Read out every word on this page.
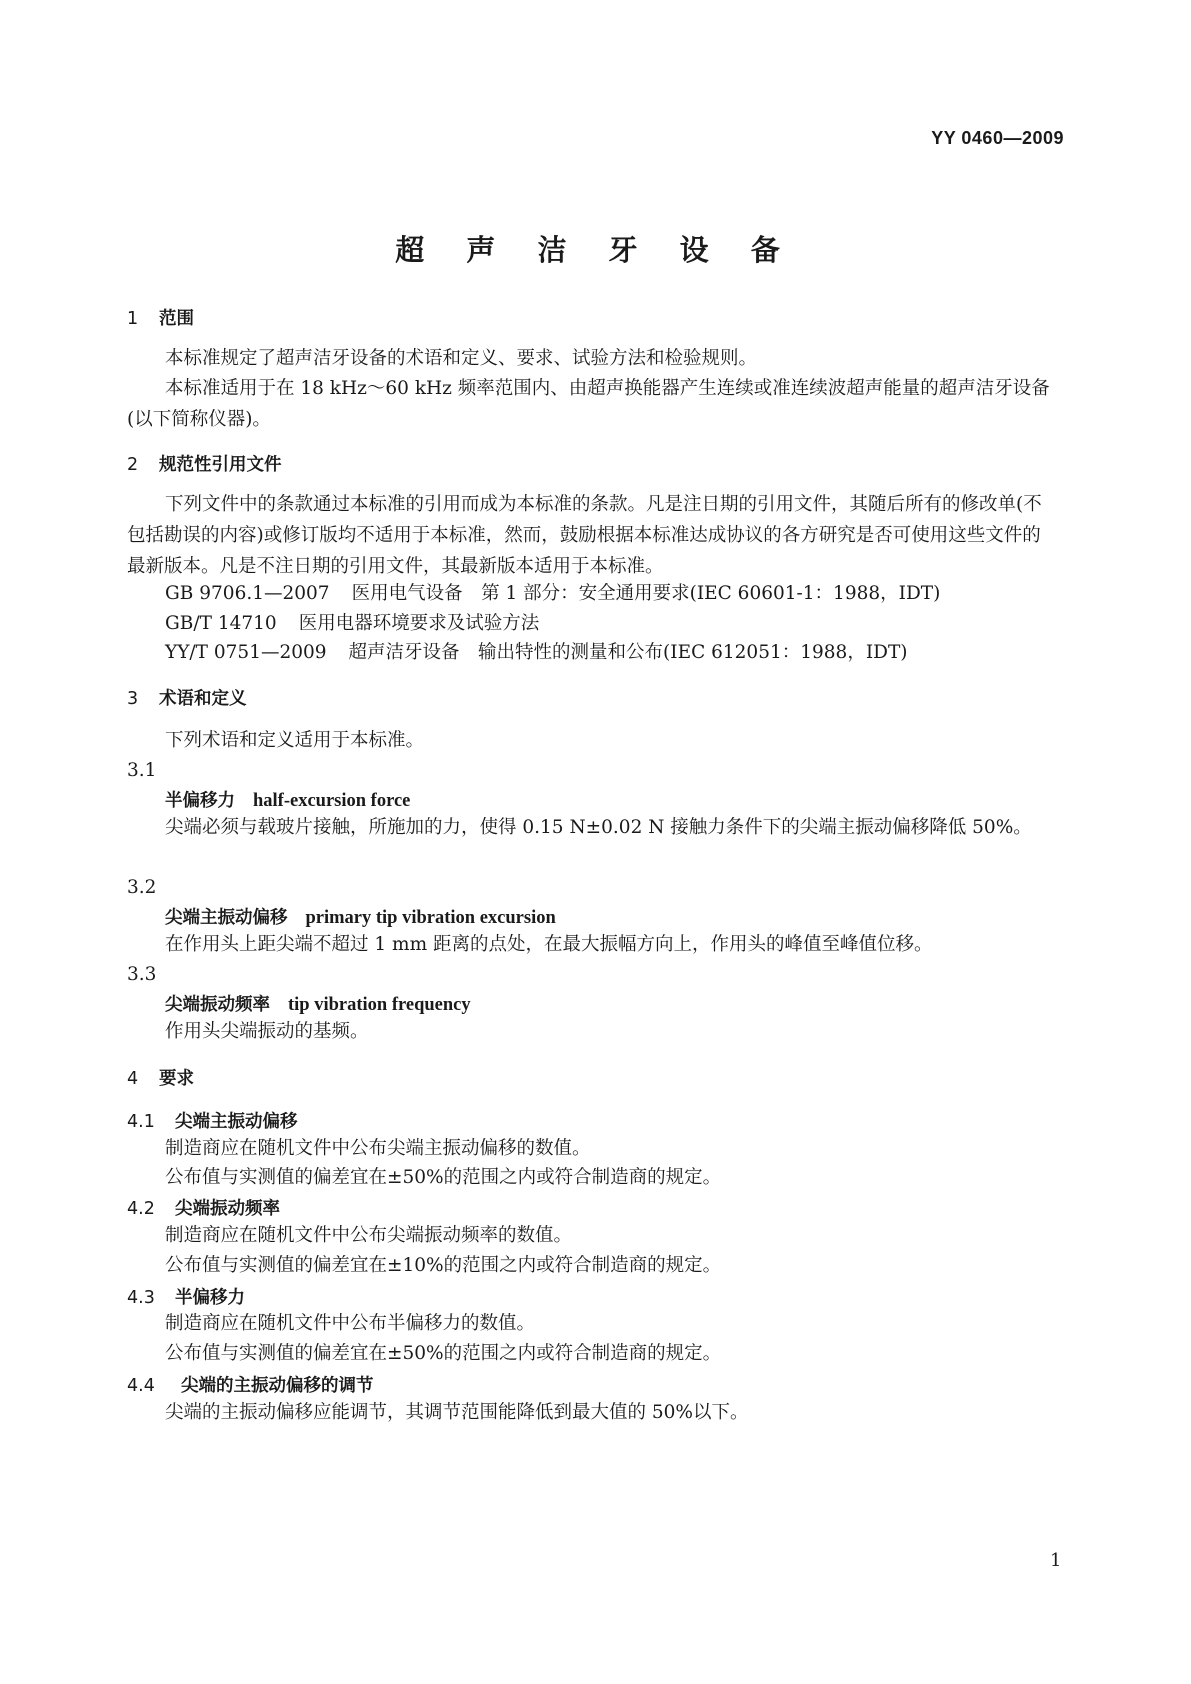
YY 0460—2009
超 声 洁 牙 设 备
1 范围
本标准规定了超声洁牙设备的术语和定义、要求、试验方法和检验规则。
本标准适用于在 18 kHz～60 kHz 频率范围内、由超声换能器产生连续或准连续波超声能量的超声洁牙设备(以下简称仪器)。
2 规范性引用文件
下列文件中的条款通过本标准的引用而成为本标准的条款。凡是注日期的引用文件，其随后所有的修改单(不包括勘误的内容)或修订版均不适用于本标准，然而，鼓励根据本标准达成协议的各方研究是否可使用这些文件的最新版本。凡是不注日期的引用文件，其最新版本适用于本标准。
GB 9706.1—2007 医用电气设备　第 1 部分：安全通用要求(IEC 60601-1：1988，IDT)
GB/T 14710 医用电器环境要求及试验方法
YY/T 0751—2009 超声洁牙设备　输出特性的测量和公布(IEC 612051：1988，IDT)
3 术语和定义
下列术语和定义适用于本标准。
3.1
半偏移力 half-excursion force
尖端必须与载玻片接触，所施加的力，使得 0.15 N±0.02 N 接触力条件下的尖端主振动偏移降低 50%。
3.2
尖端主振动偏移 primary tip vibration excursion
在作用头上距尖端不超过 1 mm 距离的点处，在最大振幅方向上，作用头的峰值至峰值位移。
3.3
尖端振动频率 tip vibration frequency
作用头尖端振动的基频。
4 要求
4.1 尖端主振动偏移
制造商应在随机文件中公布尖端主振动偏移的数值。
公布值与实测值的偏差宜在±50%的范围之内或符合制造商的规定。
4.2 尖端振动频率
制造商应在随机文件中公布尖端振动频率的数值。
公布值与实测值的偏差宜在±10%的范围之内或符合制造商的规定。
4.3 半偏移力
制造商应在随机文件中公布半偏移力的数值。
公布值与实测值的偏差宜在±50%的范围之内或符合制造商的规定。
4.4 尖端的主振动偏移的调节
尖端的主振动偏移应能调节，其调节范围能降低到最大值的 50%以下。
1
